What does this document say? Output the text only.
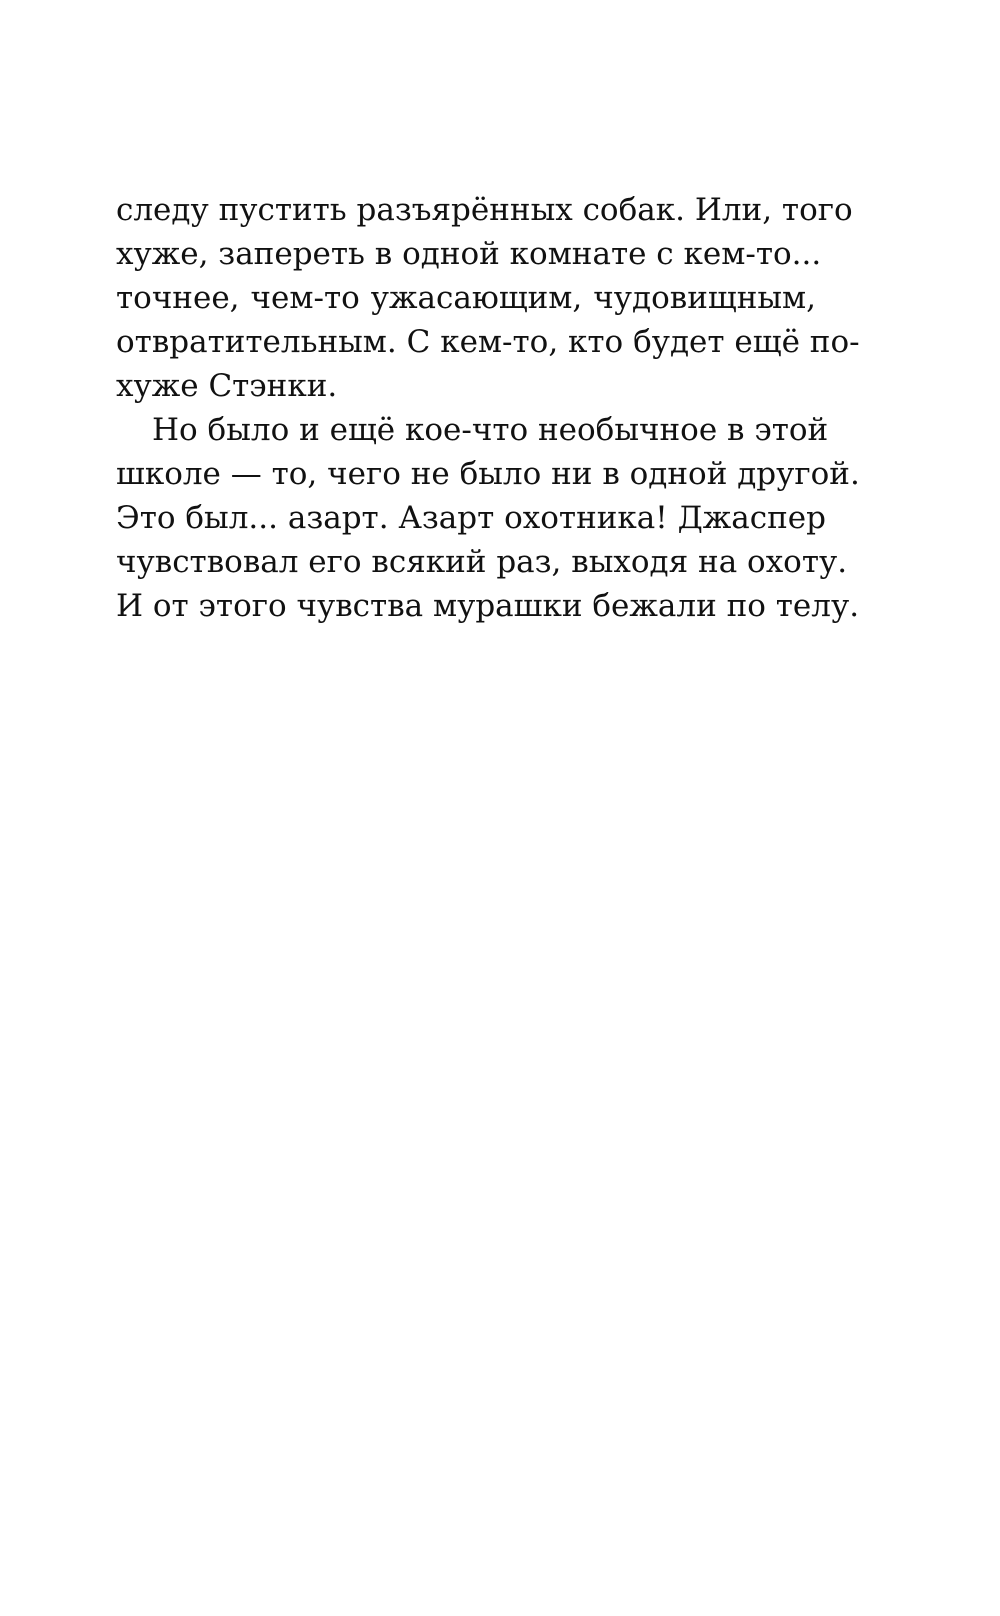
следу пустить разъярённых собак. Или, того
хуже, запереть в одной комнате с кем-то...
точнее, чем-то ужасающим, чудовищным,
отвратительным. С кем-то, кто будет ещё по-
хуже Стэнки.
Но было и ещё кое-что необычное в этой
школе — то, чего не было ни в одной другой.
Это был... азарт. Азарт охотника! Джаспер
чувствовал его всякий раз, выходя на охоту.
И от этого чувства мурашки бежали по телу.
